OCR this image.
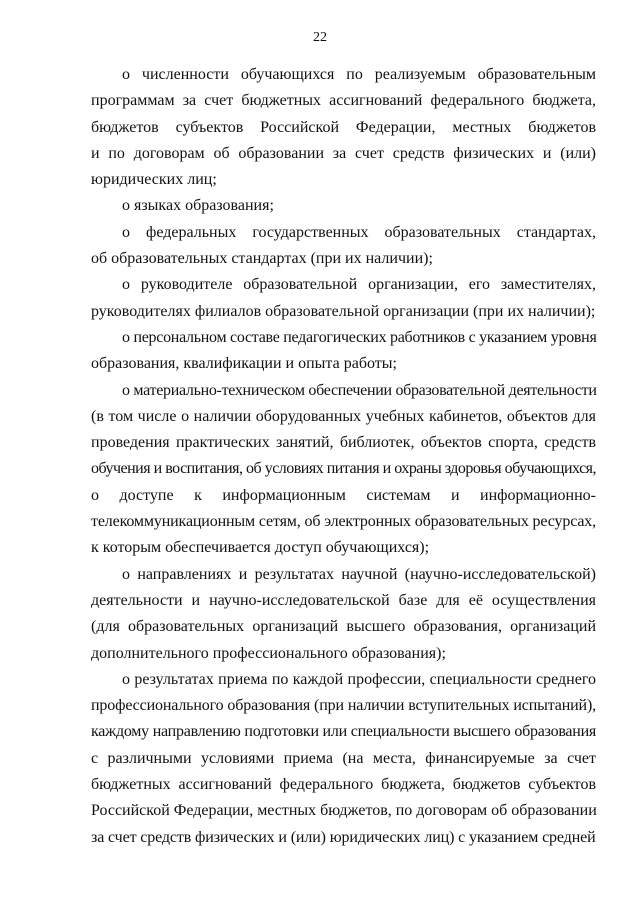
22
о численности обучающихся по реализуемым образовательным
программам за счет бюджетных ассигнований федерального бюджета,
бюджетов субъектов Российской Федерации, местных бюджетов
и по договорам об образовании за счет средств физических и (или)
юридических лиц;
о языках образования;
о федеральных государственных образовательных стандартах,
об образовательных стандартах (при их наличии);
о руководителе образовательной организации, его заместителях,
руководителях филиалов образовательной организации (при их наличии);
о персональном составе педагогических работников с указанием уровня
образования, квалификации и опыта работы;
о материально-техническом обеспечении образовательной деятельности
(в том числе о наличии оборудованных учебных кабинетов, объектов для
проведения практических занятий, библиотек, объектов спорта, средств
обучения и воспитания, об условиях питания и охраны здоровья обучающихся,
о доступе к информационным системам и информационно-
телекоммуникационным сетям, об электронных образовательных ресурсах,
к которым обеспечивается доступ обучающихся);
о направлениях и результатах научной (научно-исследовательской)
деятельности и научно-исследовательской базе для её осуществления
(для образовательных организаций высшего образования, организаций
дополнительного профессионального образования);
о результатах приема по каждой профессии, специальности среднего
профессионального образования (при наличии вступительных испытаний),
каждому направлению подготовки или специальности высшего образования
с различными условиями приема (на места, финансируемые за счет
бюджетных ассигнований федерального бюджета, бюджетов субъектов
Российской Федерации, местных бюджетов, по договорам об образовании
за счет средств физических и (или) юридических лиц) с указанием средней
